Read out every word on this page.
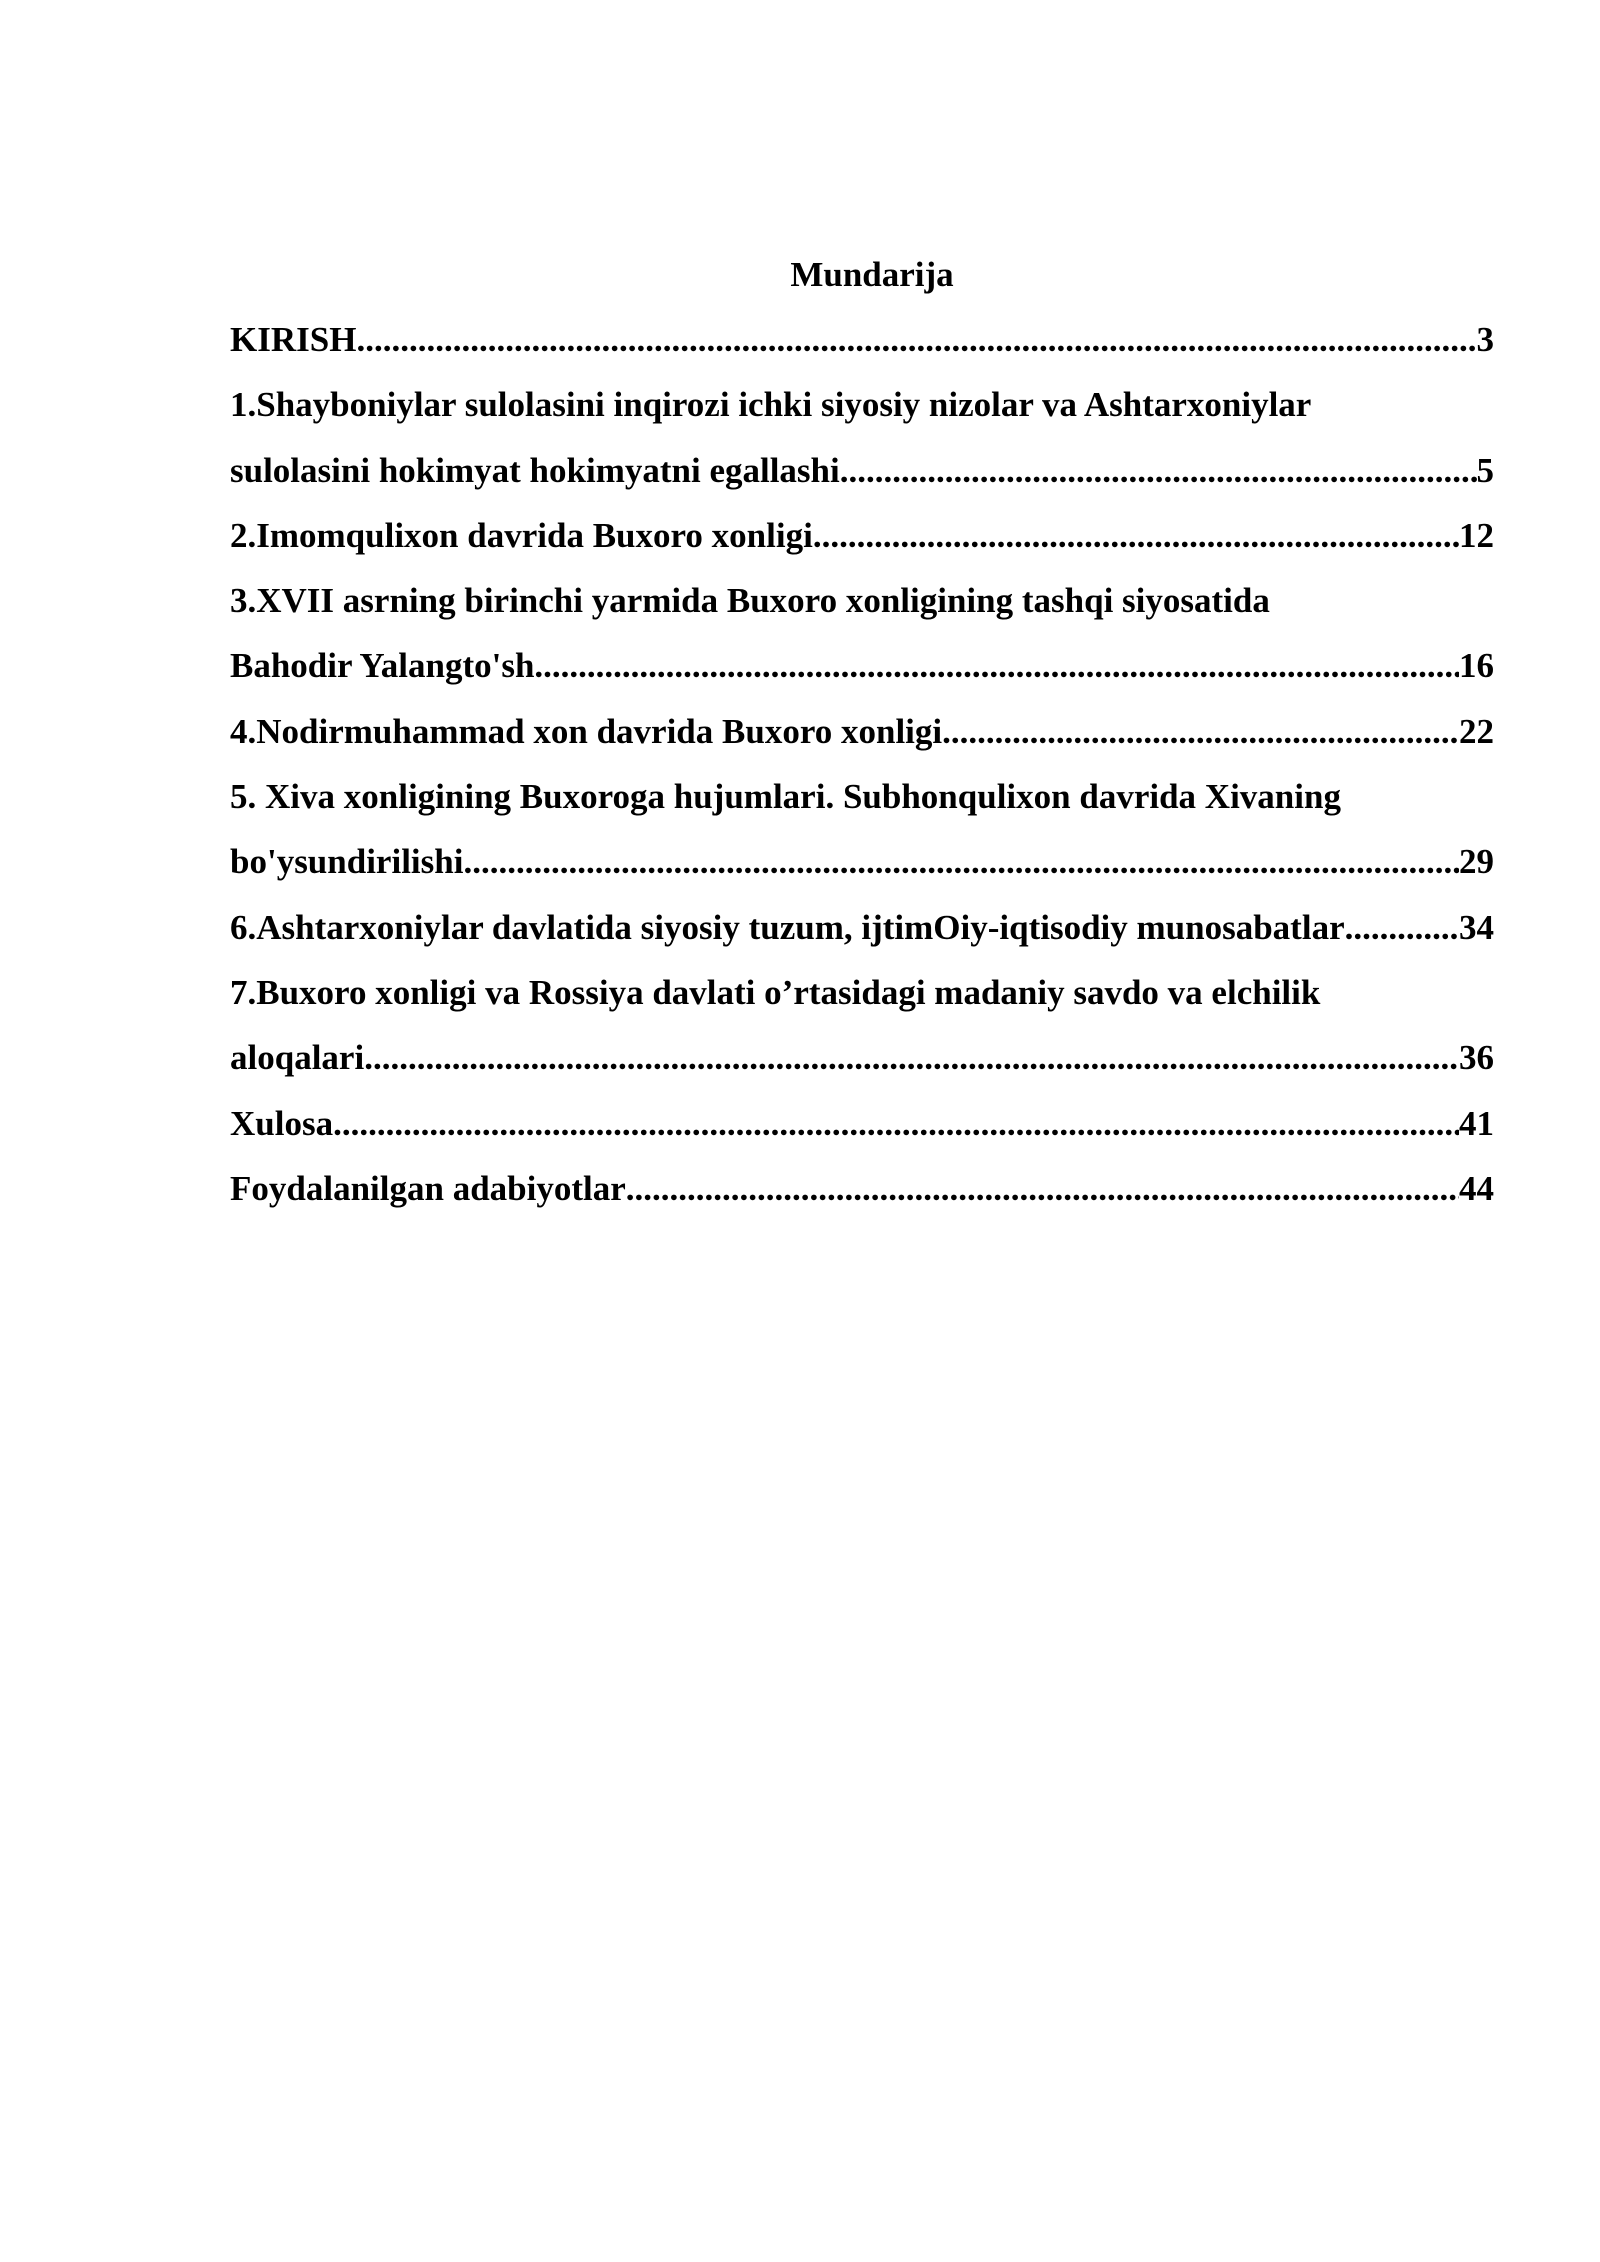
Mundarija
KIRISH .....	3
1.Shayboniylar sulolasini inqirozi ichki siyosiy nizolar va Ashtarxoniylar
sulolasini hokimyat hokimyatni egallashi .....	5
2.Imomqulixon davrida Buxoro xonligi .....	12
3.XVII asrning birinchi yarmida Buxoro xonligining tashqi siyosatida
Bahodir Yalangto'sh .....	16
4.Nodirmuhammad xon davrida Buxoro xonligi .....	22
5. Xiva xonligining Buxoroga hujumlari. Subhonqulixon davrida Xivaning
bo'ysundirilishi .....	29
6.Ashtarxoniylar davlatida siyosiy tuzum, ijtimOiy-iqtisodiy munosabatlar .....	34
7.Buxoro xonligi va Rossiya davlati o’rtasidagi madaniy savdo va elchilik
aloqalari .....	36
Xulosa .....	41
Foydalanilgan adabiyotlar .....	44
